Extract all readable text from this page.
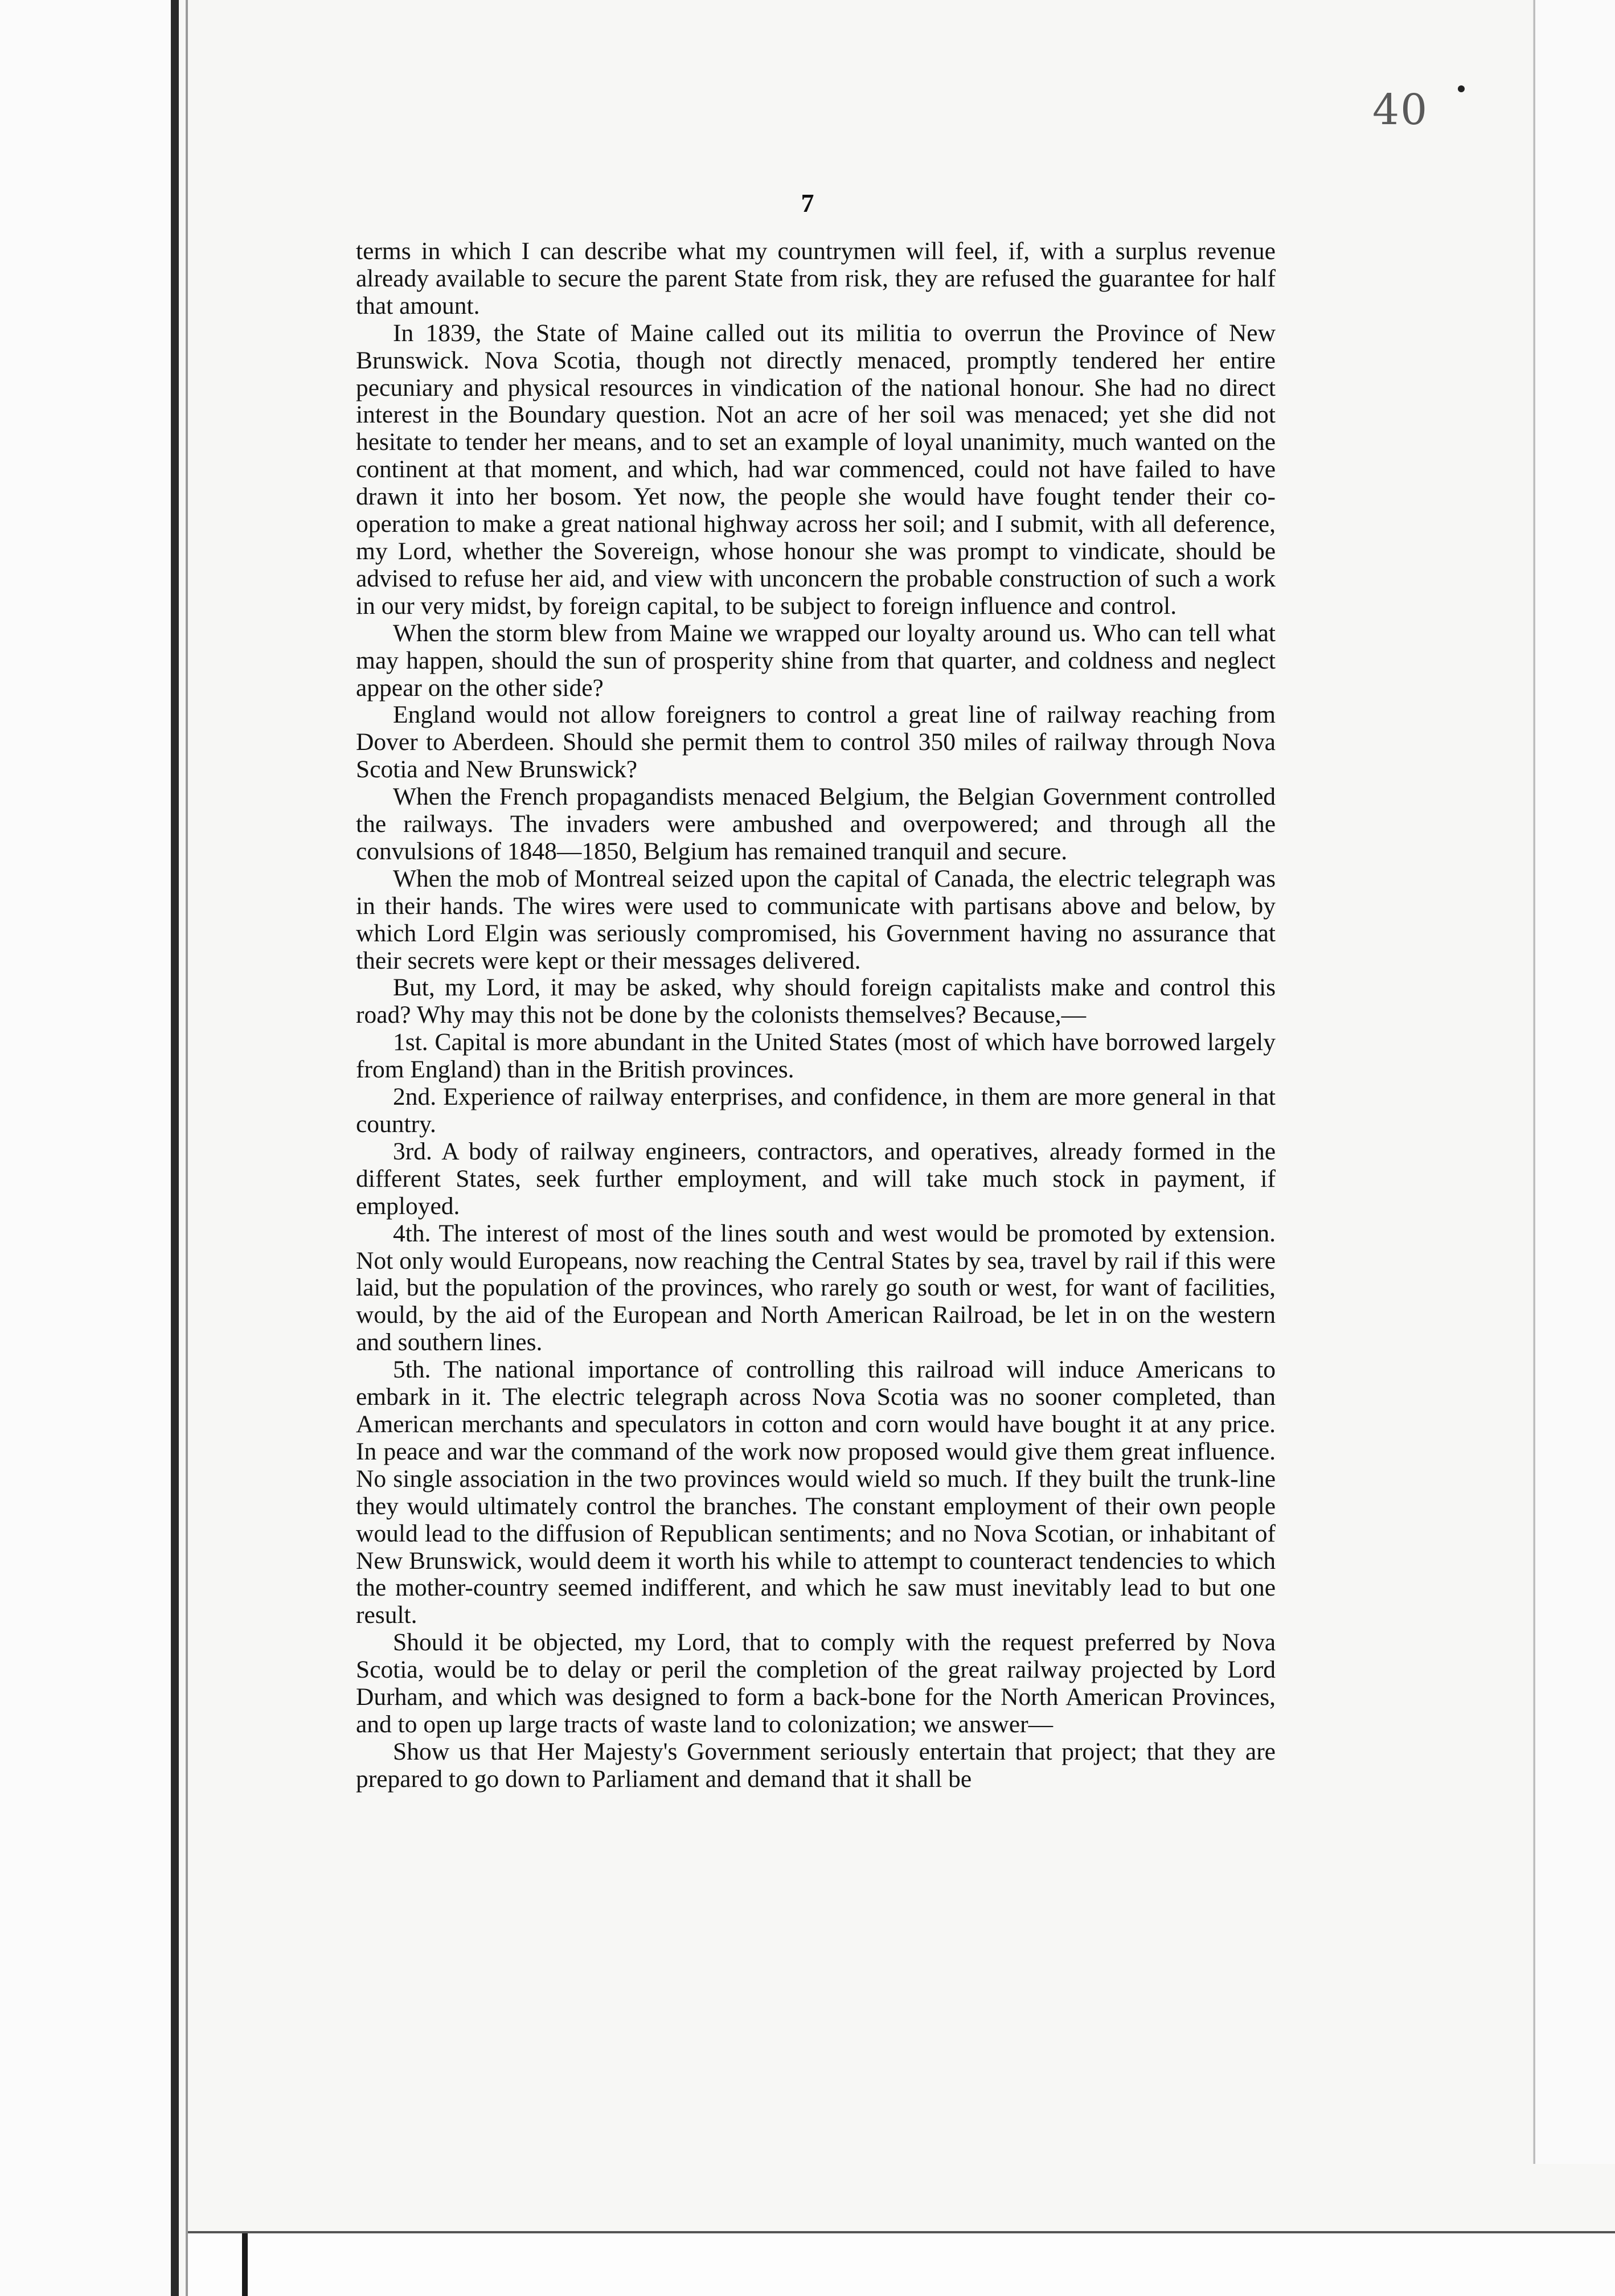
40
7

terms in which I can describe what my countrymen will feel, if, with a surplus revenue already available to secure the parent State from risk, they are refused the guarantee for half that amount.

In 1839, the State of Maine called out its militia to overrun the Province of New Brunswick. Nova Scotia, though not directly menaced, promptly tendered her entire pecuniary and physical resources in vindication of the national honour. She had no direct interest in the Boundary question. Not an acre of her soil was menaced; yet she did not hesitate to tender her means, and to set an example of loyal unanimity, much wanted on the continent at that moment, and which, had war commenced, could not have failed to have drawn it into her bosom. Yet now, the people she would have fought tender their co-operation to make a great national highway across her soil; and I submit, with all deference, my Lord, whether the Sovereign, whose honour she was prompt to vindicate, should be advised to refuse her aid, and view with unconcern the probable construction of such a work in our very midst, by foreign capital, to be subject to foreign influence and control.

When the storm blew from Maine we wrapped our loyalty around us. Who can tell what may happen, should the sun of prosperity shine from that quarter, and coldness and neglect appear on the other side?

England would not allow foreigners to control a great line of railway reaching from Dover to Aberdeen. Should she permit them to control 350 miles of railway through Nova Scotia and New Brunswick?

When the French propagandists menaced Belgium, the Belgian Government controlled the railways. The invaders were ambushed and overpowered; and through all the convulsions of 1848—1850, Belgium has remained tranquil and secure.

When the mob of Montreal seized upon the capital of Canada, the electric telegraph was in their hands. The wires were used to communicate with partisans above and below, by which Lord Elgin was seriously compromised, his Government having no assurance that their secrets were kept or their messages delivered.

But, my Lord, it may be asked, why should foreign capitalists make and control this road? Why may this not be done by the colonists themselves? Because,—

1st. Capital is more abundant in the United States (most of which have borrowed largely from England) than in the British provinces.

2nd. Experience of railway enterprises, and confidence, in them are more general in that country.

3rd. A body of railway engineers, contractors, and operatives, already formed in the different States, seek further employment, and will take much stock in payment, if employed.

4th. The interest of most of the lines south and west would be promoted by extension. Not only would Europeans, now reaching the Central States by sea, travel by rail if this were laid, but the population of the provinces, who rarely go south or west, for want of facilities, would, by the aid of the European and North American Railroad, be let in on the western and southern lines.

5th. The national importance of controlling this railroad will induce Americans to embark in it. The electric telegraph across Nova Scotia was no sooner completed, than American merchants and speculators in cotton and corn would have bought it at any price. In peace and war the command of the work now proposed would give them great influence. No single association in the two provinces would wield so much. If they built the trunk-line they would ultimately control the branches. The constant employment of their own people would lead to the diffusion of Republican sentiments; and no Nova Scotian, or inhabitant of New Brunswick, would deem it worth his while to attempt to counteract tendencies to which the mother-country seemed indifferent, and which he saw must inevitably lead to but one result.

Should it be objected, my Lord, that to comply with the request preferred by Nova Scotia, would be to delay or peril the completion of the great railway projected by Lord Durham, and which was designed to form a back-bone for the North American Provinces, and to open up large tracts of waste land to colonization; we answer—

Show us that Her Majesty's Government seriously entertain that project; that they are prepared to go down to Parliament and demand that it shall be
